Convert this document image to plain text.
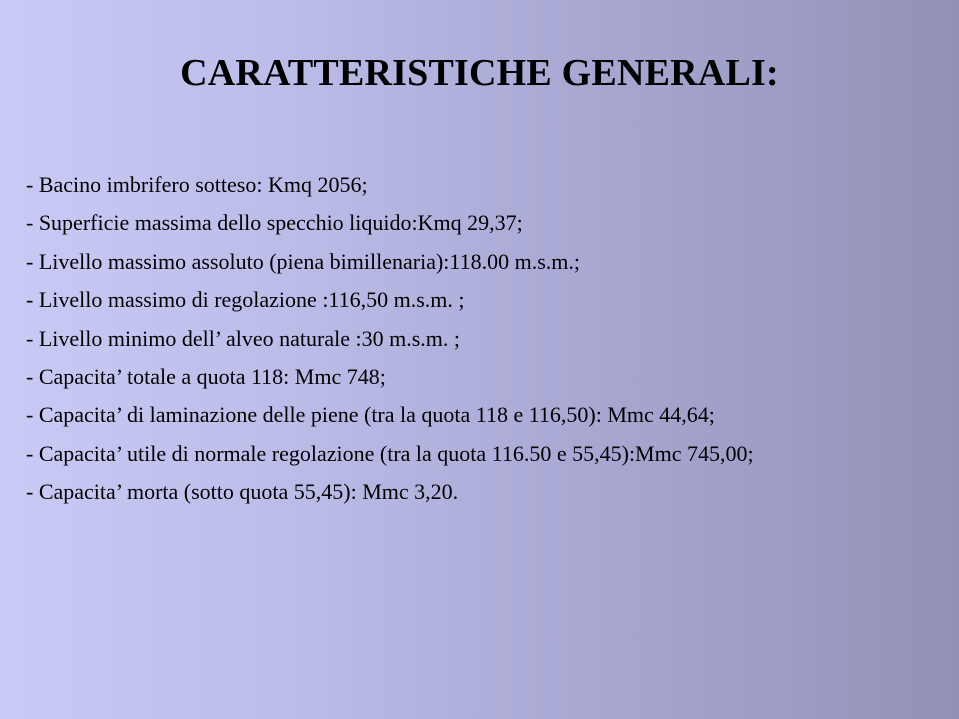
CARATTERISTICHE GENERALI:
- Bacino imbrifero sotteso: Kmq 2056;
- Superficie massima dello specchio liquido:Kmq 29,37;
- Livello massimo assoluto (piena bimillenaria):118.00 m.s.m.;
- Livello massimo di regolazione :116,50 m.s.m. ;
- Livello minimo dell’ alveo naturale :30 m.s.m. ;
- Capacita’ totale a quota 118: Mmc 748;
- Capacita’ di laminazione delle piene (tra la quota 118 e 116,50): Mmc 44,64;
- Capacita’ utile di normale regolazione (tra la quota 116.50 e 55,45):Mmc 745,00;
- Capacita’ morta (sotto quota 55,45): Mmc 3,20.
